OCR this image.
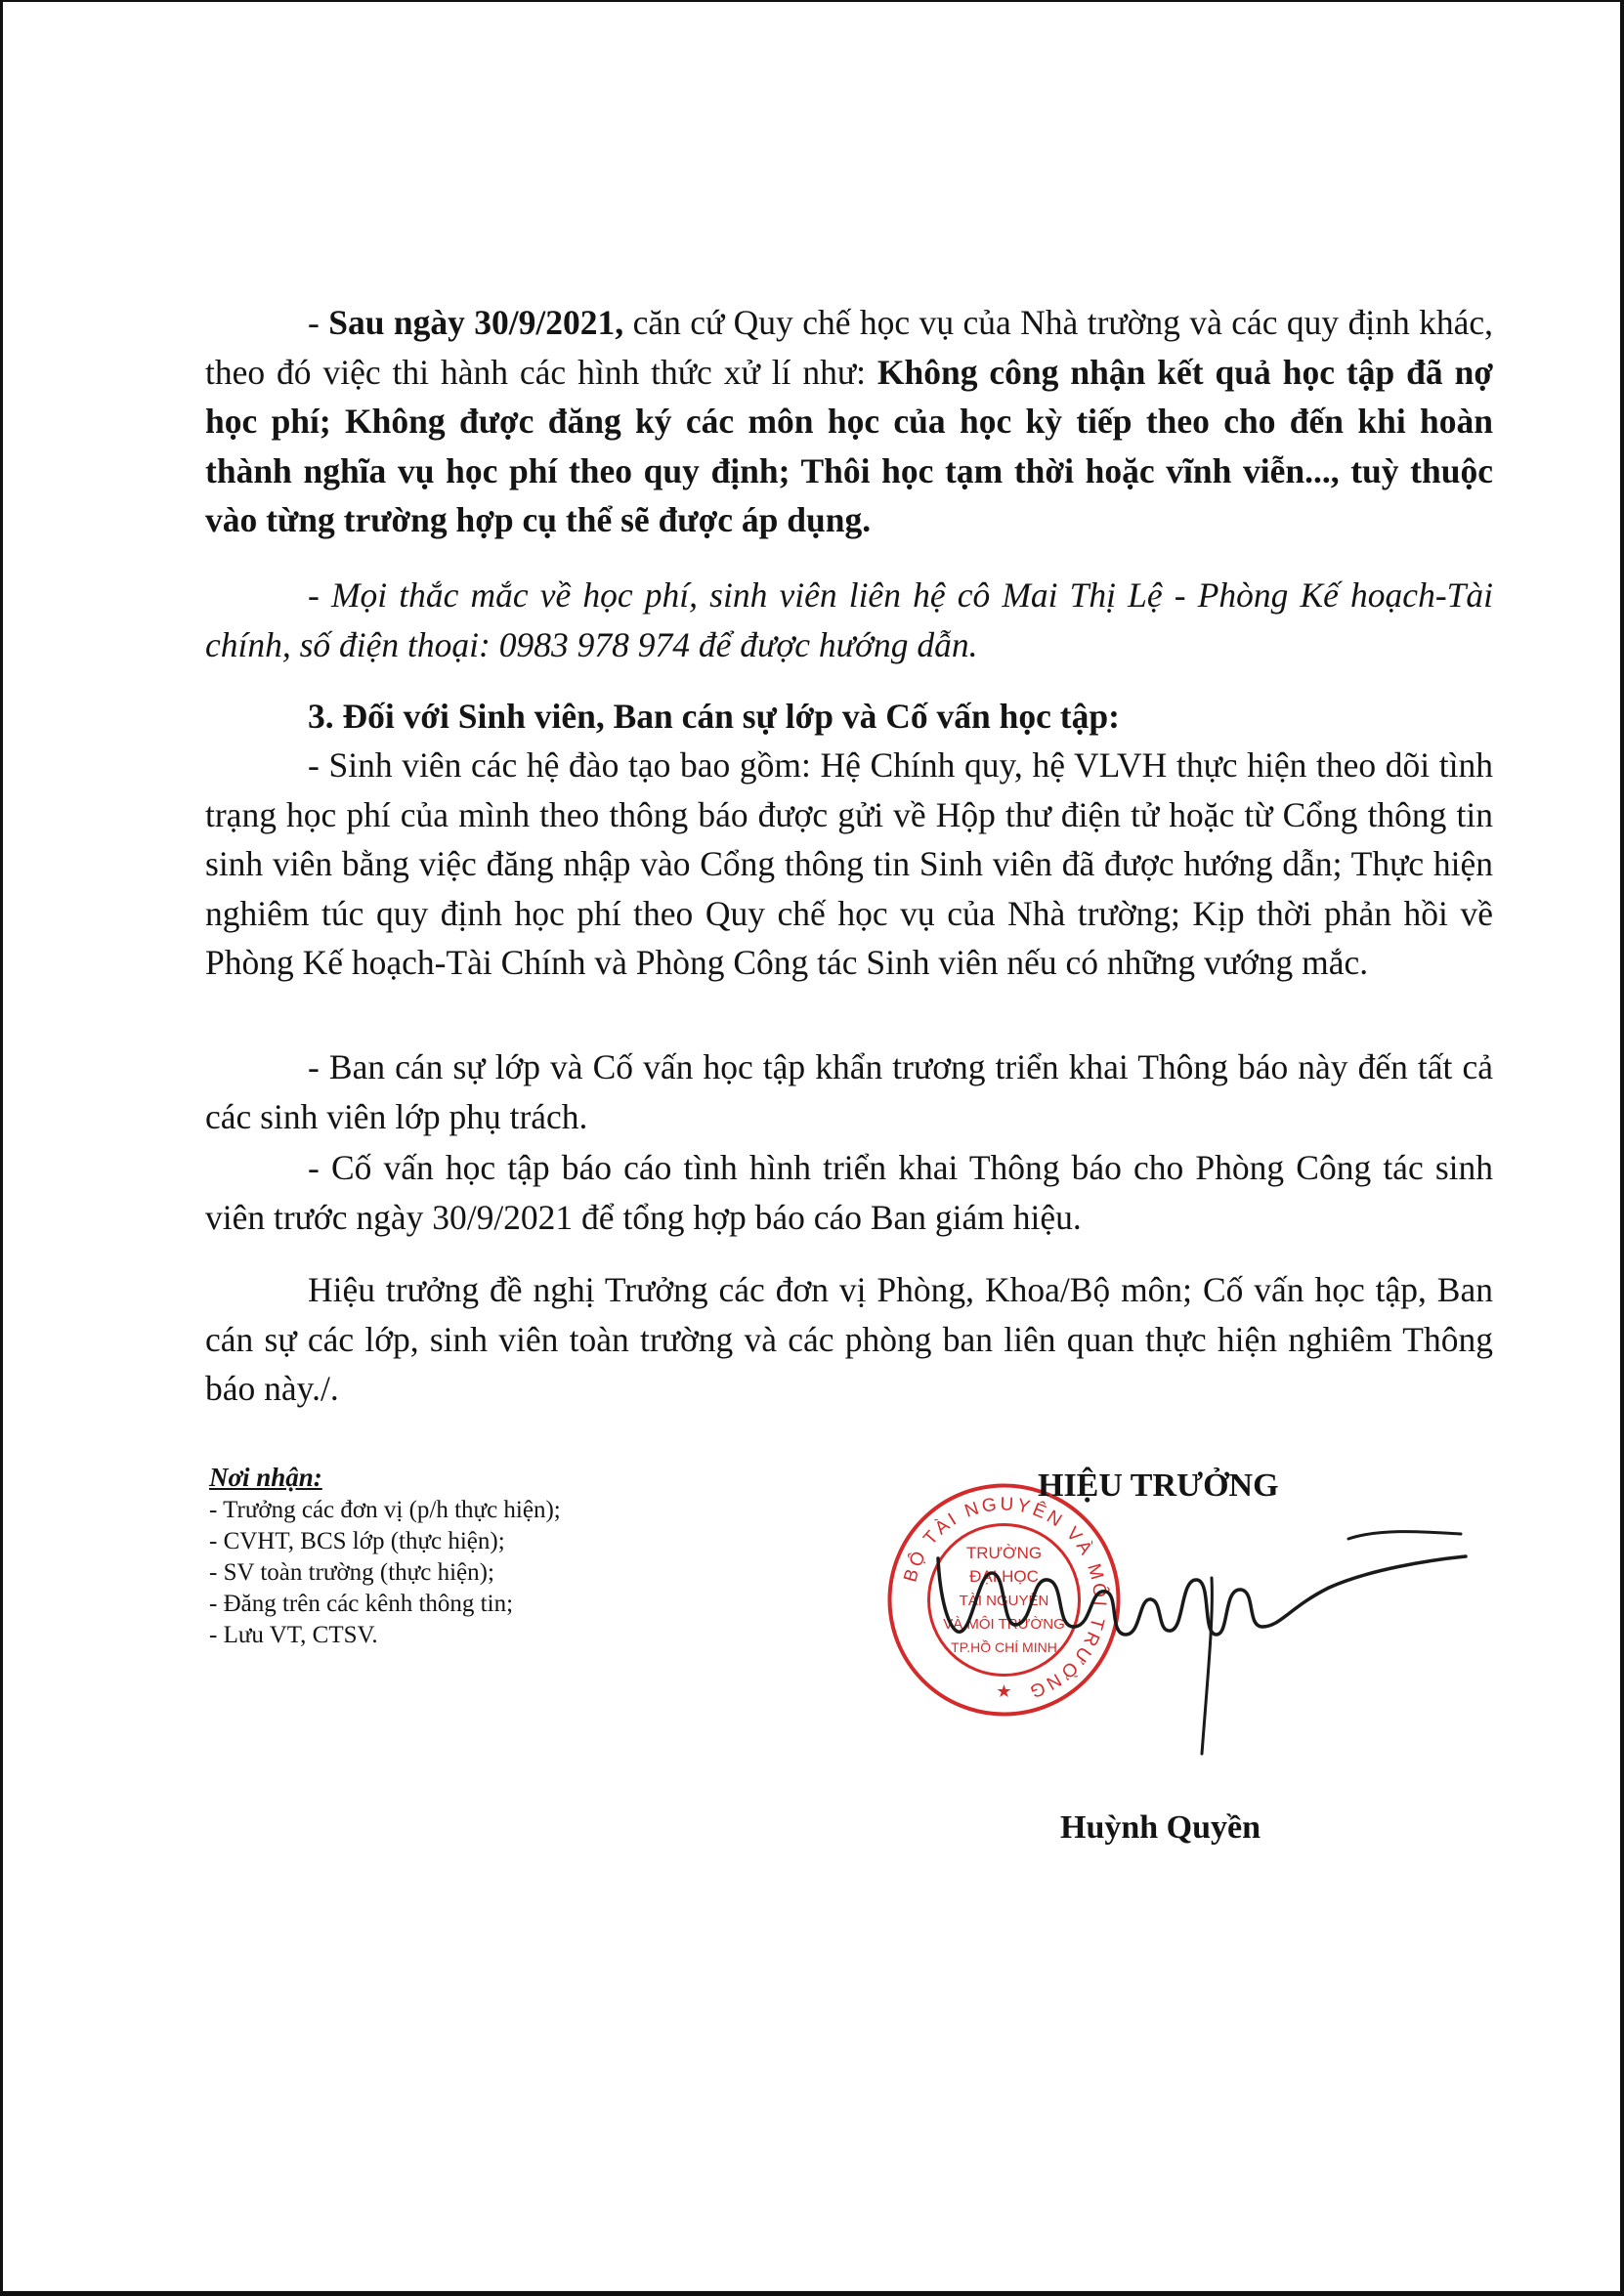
- Sau ngày 30/9/2021, căn cứ Quy chế học vụ của Nhà trường và các quy định khác, theo đó việc thi hành các hình thức xử lí như: Không công nhận kết quả học tập đã nợ học phí; Không được đăng ký các môn học của học kỳ tiếp theo cho đến khi hoàn thành nghĩa vụ học phí theo quy định; Thôi học tạm thời hoặc vĩnh viễn..., tuỳ thuộc vào từng trường hợp cụ thể sẽ được áp dụng.

- Mọi thắc mắc về học phí, sinh viên liên hệ cô Mai Thị Lệ - Phòng Kế hoạch-Tài chính, số điện thoại: 0983 978 974 để được hướng dẫn.

3. Đối với Sinh viên, Ban cán sự lớp và Cố vấn học tập:

- Sinh viên các hệ đào tạo bao gồm: Hệ Chính quy, hệ VLVH thực hiện theo dõi tình trạng học phí của mình theo thông báo được gửi về Hộp thư điện tử hoặc từ Cổng thông tin sinh viên bằng việc đăng nhập vào Cổng thông tin Sinh viên đã được hướng dẫn; Thực hiện nghiêm túc quy định học phí theo Quy chế học vụ của Nhà trường; Kịp thời phản hồi về Phòng Kế hoạch-Tài Chính và Phòng Công tác Sinh viên nếu có những vướng mắc.

- Ban cán sự lớp và Cố vấn học tập khẩn trương triển khai Thông báo này đến tất cả các sinh viên lớp phụ trách.

- Cố vấn học tập báo cáo tình hình triển khai Thông báo cho Phòng Công tác sinh viên trước ngày 30/9/2021 để tổng hợp báo cáo Ban giám hiệu.

Hiệu trưởng đề nghị Trưởng các đơn vị Phòng, Khoa/Bộ môn; Cố vấn học tập, Ban cán sự các lớp, sinh viên toàn trường và các phòng ban liên quan thực hiện nghiêm Thông báo này./.

Nơi nhận:
- Trưởng các đơn vị (p/h thực hiện);
- CVHT, BCS lớp (thực hiện);
- SV toàn trường (thực hiện);
- Đăng trên các kênh thông tin;
- Lưu VT, CTSV.
BỘ TÀI NGUYÊN VÀ MÔI TRƯỜNG
TRƯỜNG
ĐẠI HỌC
TÀI NGUYÊN
VÀ MÔI TRƯỜNG
TP.HỒ CHÍ MINH
★
HIỆU TRƯỞNG
Huỳnh Quyền
